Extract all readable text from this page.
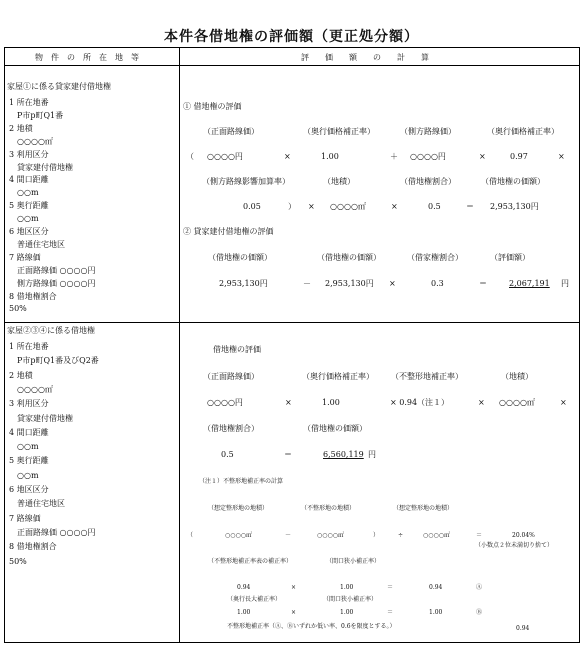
本件各借地権の評価額（更正処分額）
物　件　の　所　在　地　等	評　　価　　額　　の　　計　　算
家屋①に係る貸家建付借地権
1 所在地番
P市p町Q1番
2 地積
○○○○㎡
3 利用区分
貸家建付借地権
4 間口距離
○○m
5 奥行距離
○○m
6 地区区分
普通住宅地区
7 路線価
正面路線価 ○○○○円
側方路線価 ○○○○円
8 借地権割合
50%
① 借地権の評価
（正面路線価）	（奥行価格補正率）	（側方路線価）	（奥行価格補正率）
（ ○○○○円	×	1.00	＋ ○○○○円	×	0.97	×
（側方路線影響加算率）	（地積）	（借地権割合）	（借地権の価額）
0.05	） × ○○○○㎡	×	0.5	＝ 2,953,130円
② 貸家建付借地権の評価
（借地権の価額）	（借地権の価額）	（借家権割合）	（評価額）
2,953,130円	－ 2,953,130円 ×	0.3	＝	2,067,191 円
家屋②③④に係る借地権
1 所在地番
P市p町Q1番及びQ2番
2 地積
○○○○㎡
3 利用区分
貸家建付借地権
4 間口距離
○○m
5 奥行距離
○○m
6 地区区分
普通住宅地区
7 路線価
正面路線価 ○○○○円
8 借地権割合
50%
借地権の評価
（正面路線価）	（奥行価格補正率） （不整形地補正率）	（地積）
○○○○円	×	1.00	× 0.94（注１）	× ○○○○㎡	×
（借地権割合）	（借地権の価額）
0.5	＝	6,560,119 円
（注１）不整形地補正率の計算
（想定整形地の地積）	（不整形地の地積）	（想定整形地の地積）
（	○○○○㎡	－	○○○○㎡	）	÷	○○○○㎡	＝	20.04%
（小数点２位未満切り捨て）
（不整形地補正率表の補正率）	（間口狭小補正率）
0.94	×	1.00	＝	0.94	Ⓐ
（奥行長大補正率）	（間口狭小補正率）
1.00	×	1.00	＝	1.00	Ⓑ
不整形地補正率（Ⓐ、Ⓑいずれか低い率、0.6を限度とする。）	0.94
